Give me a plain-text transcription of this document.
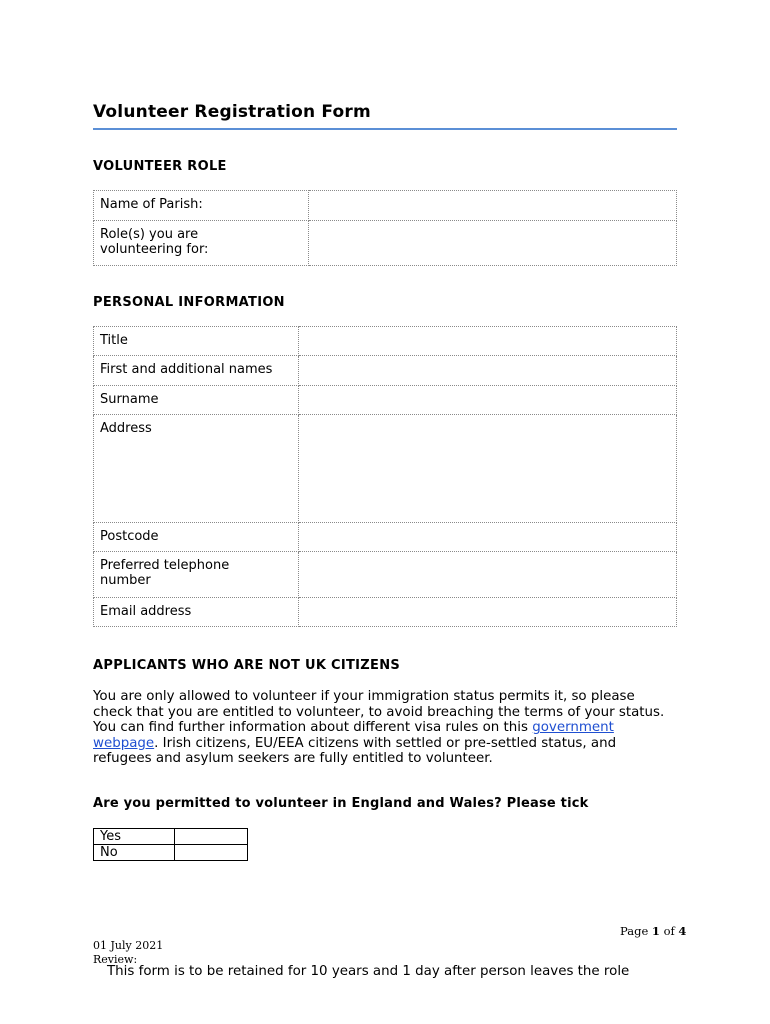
Volunteer Registration Form
VOLUNTEER ROLE
Name of Parish:	
Role(s) you are
volunteering for:	
PERSONAL INFORMATION
Title	
First and additional names	
Surname	
Address	
Postcode	
Preferred telephone
number	
Email address	
APPLICANTS WHO ARE NOT UK CITIZENS
You are only allowed to volunteer if your immigration status permits it, so please check that you are entitled to volunteer, to avoid breaching the terms of your status. You can find further information about different visa rules on this government webpage. Irish citizens, EU/EEA citizens with settled or pre-settled status, and refugees and asylum seekers are fully entitled to volunteer.
Are you permitted to volunteer in England and Wales? Please tick
Yes	
No	
Page 1 of 4
01 July 2021
Review:
This form is to be retained for 10 years and 1 day after person leaves the role
